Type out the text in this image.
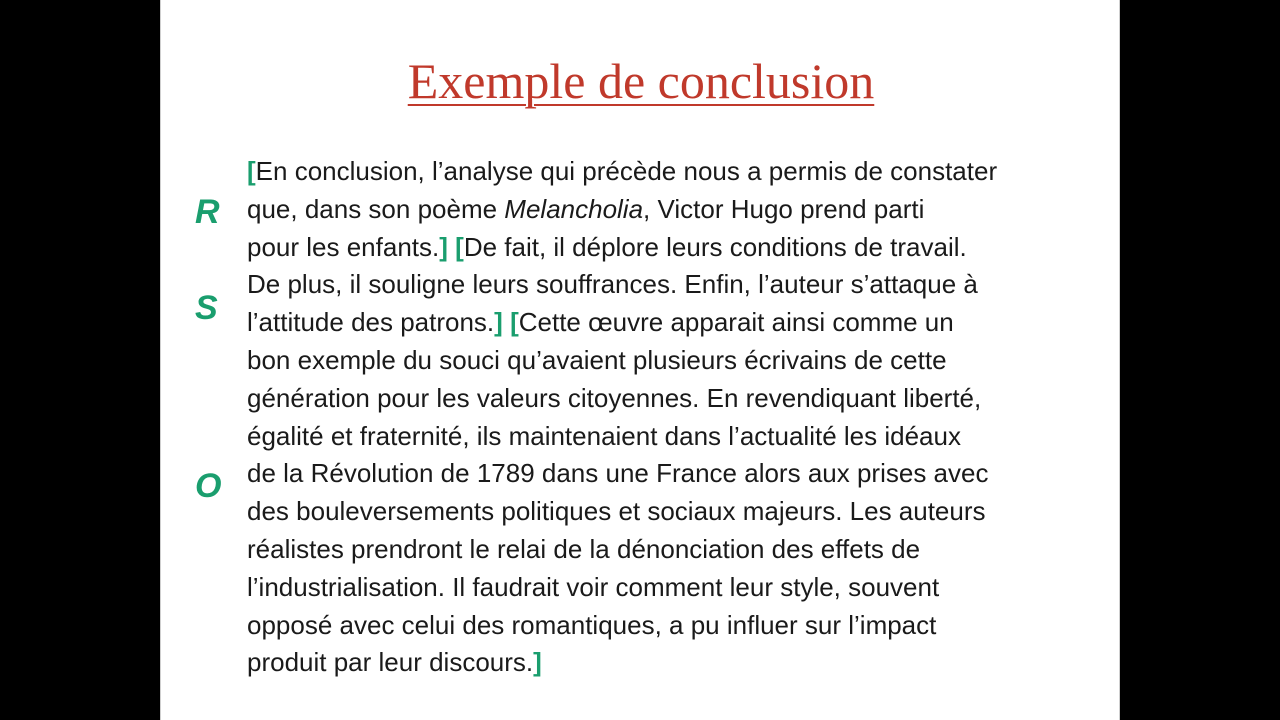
Exemple de conclusion
R
S
O
[En conclusion, l’analyse qui précède nous a permis de constater
que, dans son poème Melancholia, Victor Hugo prend parti
pour les enfants.] [De fait, il déplore leurs conditions de travail.
De plus, il souligne leurs souffrances. Enfin, l’auteur s’attaque à
l’attitude des patrons.] [Cette œuvre apparait ainsi comme un
bon exemple du souci qu’avaient plusieurs écrivains de cette
génération pour les valeurs citoyennes. En revendiquant liberté,
égalité et fraternité, ils maintenaient dans l’actualité les idéaux
de la Révolution de 1789 dans une France alors aux prises avec
des bouleversements politiques et sociaux majeurs. Les auteurs
réalistes prendront le relai de la dénonciation des effets de
l’industrialisation. Il faudrait voir comment leur style, souvent
opposé avec celui des romantiques, a pu influer sur l’impact
produit par leur discours.]
